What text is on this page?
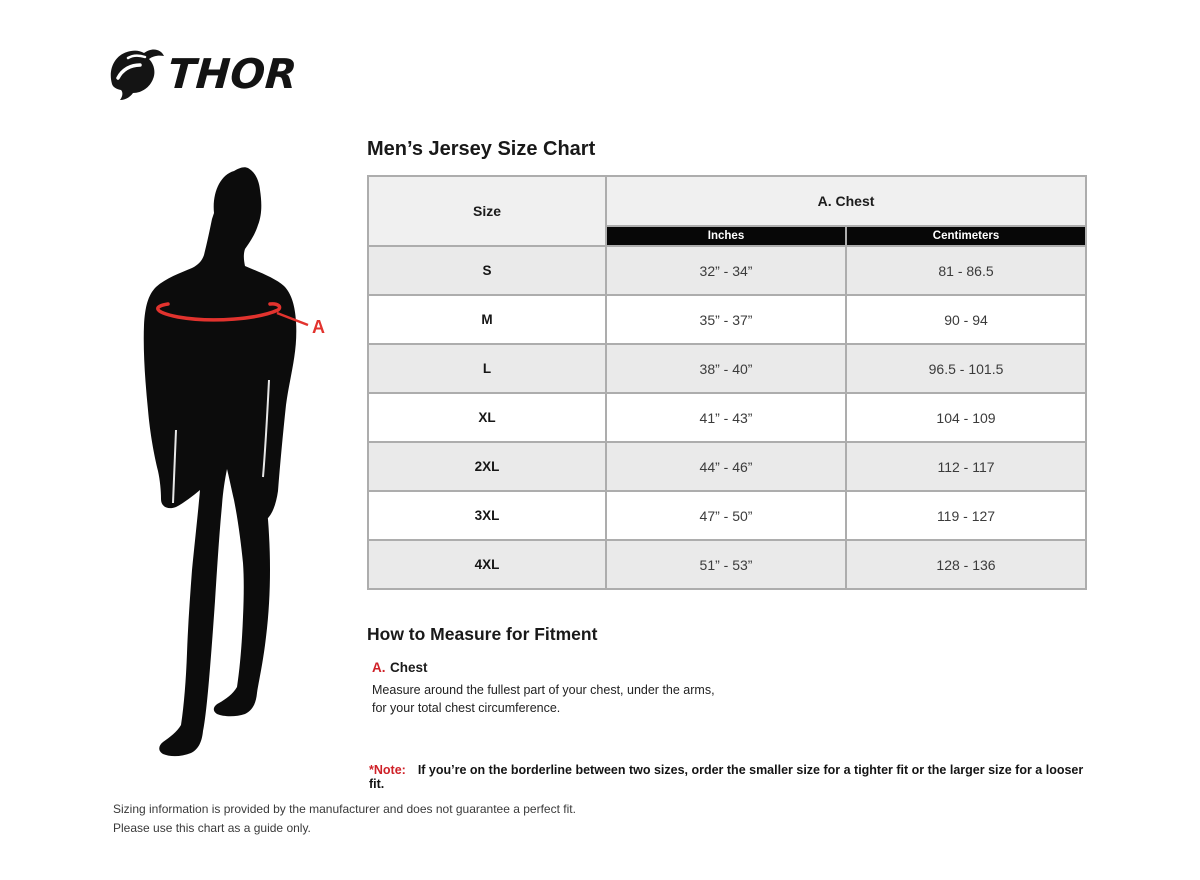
THOR
A
Men’s Jersey Size Chart
Size	A. Chest	
	Inches	Centimeters
S	32” - 34”	81 - 86.5
M	35” - 37”	90 - 94
L	38” - 40”	96.5 - 101.5
XL	41” - 43”	104 - 109
2XL	44” - 46”	112 - 117
3XL	47” - 50”	119 - 127
4XL	51” - 53”	128 - 136
How to Measure for Fitment
A. Chest

Measure around the fullest part of your chest, under the arms, for your total chest circumference.

*Note: If you’re on the borderline between two sizes, order the smaller size for a tighter fit or the larger size for a looser fit.
Sizing information is provided by the manufacturer and does not guarantee a perfect fit.
Please use this chart as a guide only.
